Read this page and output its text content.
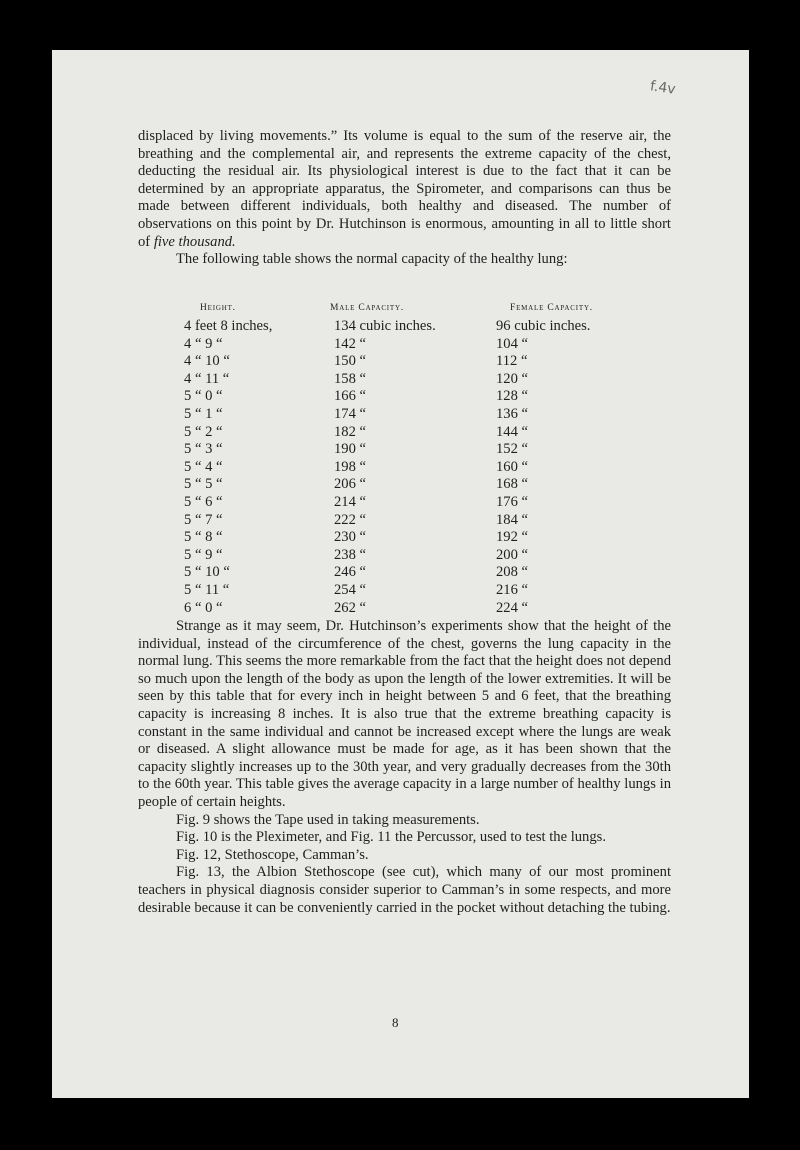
f.4v

displaced by living movements.” Its volume is equal to the sum of the reserve air, the breathing and the complemental air, and represents the extreme capacity of the chest, deducting the residual air. Its physiological interest is due to the fact that it can be determined by an appropriate apparatus, the Spirometer, and comparisons can thus be made between different individuals, both healthy and diseased. The number of observations on this point by Dr. Hutchinson is enormous, amounting in all to little short of five thousand.

The following table shows the normal capacity of the healthy lung:

Height.	Male Capacity.	Female Capacity.
4 feet 8 inches,	134 cubic inches.	96 cubic inches.
4 “ 9 “	142 “	104 “
4 “ 10 “	150 “	112 “
4 “ 11 “	158 “	120 “
5 “ 0 “	166 “	128 “
5 “ 1 “	174 “	136 “
5 “ 2 “	182 “	144 “
5 “ 3 “	190 “	152 “
5 “ 4 “	198 “	160 “
5 “ 5 “	206 “	168 “
5 “ 6 “	214 “	176 “
5 “ 7 “	222 “	184 “
5 “ 8 “	230 “	192 “
5 “ 9 “	238 “	200 “
5 “ 10 “	246 “	208 “
5 “ 11 “	254 “	216 “
6 “ 0 “	262 “	224 “

Strange as it may seem, Dr. Hutchinson’s experiments show that the height of the individual, instead of the circumference of the chest, governs the lung capacity in the normal lung. This seems the more remarkable from the fact that the height does not depend so much upon the length of the body as upon the length of the lower extremities. It will be seen by this table that for every inch in height between 5 and 6 feet, that the breathing capacity is increasing 8 inches. It is also true that the extreme breathing capacity is constant in the same individual and cannot be increased except where the lungs are weak or diseased. A slight allowance must be made for age, as it has been shown that the capacity slightly increases up to the 30th year, and very gradually decreases from the 30th to the 60th year. This table gives the average capacity in a large number of healthy lungs in people of certain heights.

Fig. 9 shows the Tape used in taking measurements.

Fig. 10 is the Pleximeter, and Fig. 11 the Percussor, used to test the lungs.

Fig. 12, Stethoscope, Camman’s.

Fig. 13, the Albion Stethoscope (see cut), which many of our most prominent teachers in physical diagnosis consider superior to Camman’s in some respects, and more desirable because it can be conveniently carried in the pocket without detaching the tubing.

8
